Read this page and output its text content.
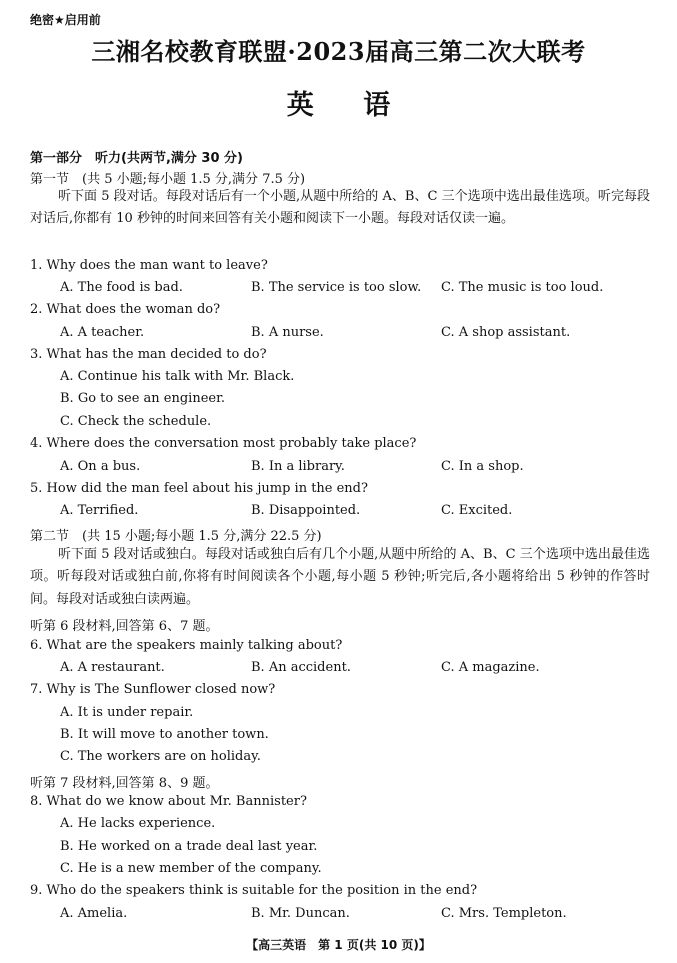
绝密★启用前
三湘名校教育联盟·2023届高三第二次大联考
英 语
第一部分　听力(共两节,满分 30 分)
第一节　(共 5 小题;每小题 1.5 分,满分 7.5 分)
听下面 5 段对话。每段对话后有一个小题,从题中所给的 A、B、C 三个选项中选出最佳选项。听完每段对话后,你都有 10 秒钟的时间来回答有关小题和阅读下一小题。每段对话仅读一遍。
1. Why does the man want to leave?
A. The food is bad.	B. The service is too slow. C. The music is too loud.
2. What does the woman do?
A. A teacher.	B. A nurse.	C. A shop assistant.
3. What has the man decided to do?
A. Continue his talk with Mr. Black.
B. Go to see an engineer.
C. Check the schedule.
4. Where does the conversation most probably take place?
A. On a bus.	B. In a library.	C. In a shop.
5. How did the man feel about his jump in the end?
A. Terrified.	B. Disappointed.	C. Excited.
第二节　(共 15 小题;每小题 1.5 分,满分 22.5 分)
听下面 5 段对话或独白。每段对话或独白后有几个小题,从题中所给的 A、B、C 三个选项中选出最佳选项。听每段对话或独白前,你将有时间阅读各个小题,每小题 5 秒钟;听完后,各小题将给出 5 秒钟的作答时间。每段对话或独白读两遍。
听第 6 段材料,回答第 6、7 题。
6. What are the speakers mainly talking about?
A. A restaurant.	B. An accident.	C. A magazine.
7. Why is The Sunflower closed now?
A. It is under repair.
B. It will move to another town.
C. The workers are on holiday.
听第 7 段材料,回答第 8、9 题。
8. What do we know about Mr. Bannister?
A. He lacks experience.
B. He worked on a trade deal last year.
C. He is a new member of the company.
9. Who do the speakers think is suitable for the position in the end?
A. Amelia.	B. Mr. Duncan.	C. Mrs. Templeton.
【高三英语　第 1 页(共 10 页)】
